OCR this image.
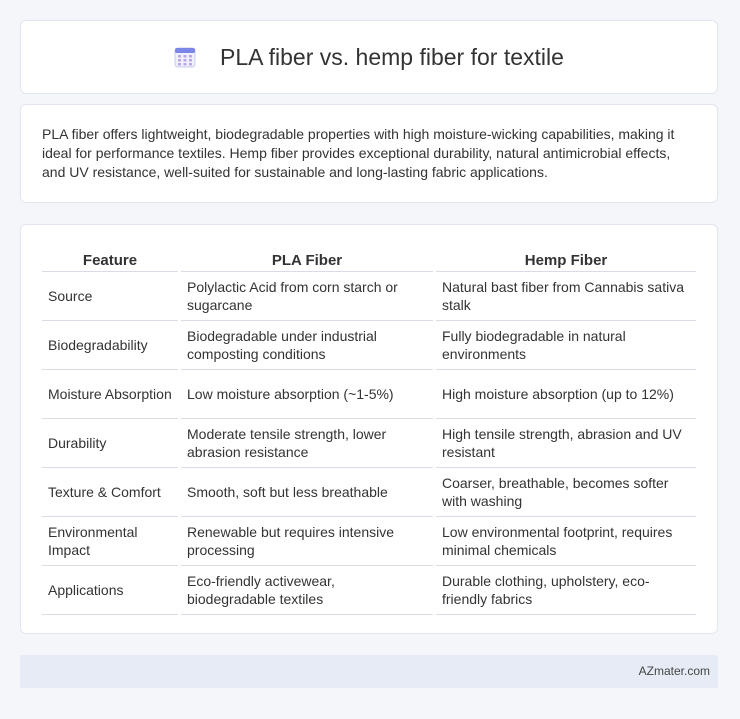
PLA fiber vs. hemp fiber for textile

PLA fiber offers lightweight, biodegradable properties with high moisture-wicking capabilities, making it ideal for performance textiles. Hemp fiber provides exceptional durability, natural antimicrobial effects, and UV resistance, well-suited for sustainable and long-lasting fabric applications.

Feature	PLA Fiber	Hemp Fiber
Source	Polylactic Acid from corn starch or sugarcane	Natural bast fiber from Cannabis sativa stalk
Biodegradability	Biodegradable under industrial composting conditions	Fully biodegradable in natural environments
Moisture Absorption	Low moisture absorption (~1-5%)	High moisture absorption (up to 12%)
Durability	Moderate tensile strength, lower abrasion resistance	High tensile strength, abrasion and UV resistant
Texture & Comfort	Smooth, soft but less breathable	Coarser, breathable, becomes softer with washing
Environmental Impact	Renewable but requires intensive processing	Low environmental footprint, requires minimal chemicals
Applications	Eco-friendly activewear, biodegradable textiles	Durable clothing, upholstery, eco-friendly fabrics
AZmater.com
